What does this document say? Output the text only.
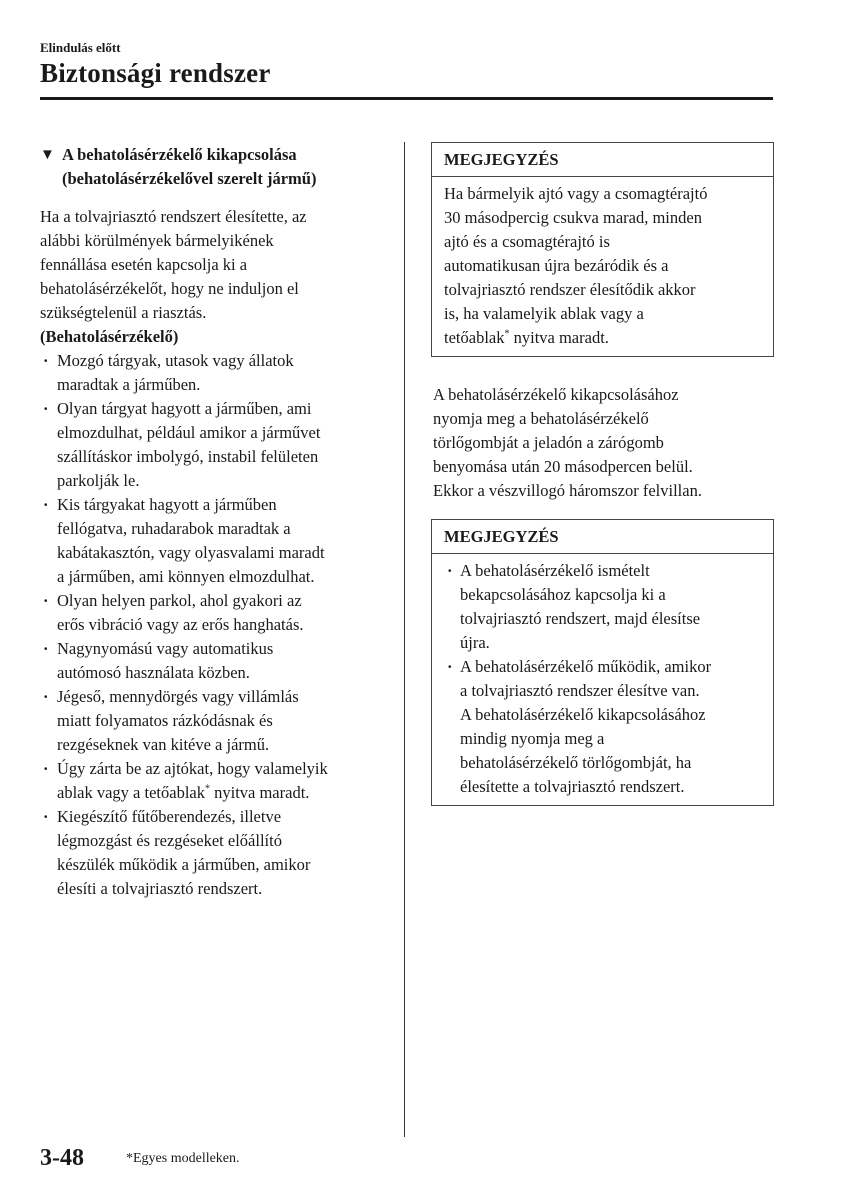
Elindulás előtt
Biztonsági rendszer
▼ A behatolásérzékelő kikapcsolása
(behatolásérzékelővel szerelt jármű)

Ha a tolvajriasztó rendszert élesítette, az
alábbi körülmények bármelyikének
fennállása esetén kapcsolja ki a
behatolásérzékelőt, hogy ne induljon el
szükségtelenül a riasztás.

(Behatolásérzékelő)

· Mozgó tárgyak, utasok vagy állatok
maradtak a járműben.
· Olyan tárgyat hagyott a járműben, ami
elmozdulhat, például amikor a járművet
szállításkor imbolygó, instabil felületen
parkolják le.
· Kis tárgyakat hagyott a járműben
fellógatva, ruhadarabok maradtak a
kabátakasztón, vagy olyasvalami maradt
a járműben, ami könnyen elmozdulhat.
· Olyan helyen parkol, ahol gyakori az
erős vibráció vagy az erős hanghatás.
· Nagynyomású vagy automatikus
autómosó használata közben.
· Jégeső, mennydörgés vagy villámlás
miatt folyamatos rázkódásnak és
rezgéseknek van kitéve a jármű.
· Úgy zárta be az ajtókat, hogy valamelyik
ablak vagy a tetőablak* nyitva maradt.
· Kiegészítő fűtőberendezés, illetve
légmozgást és rezgéseket előállító
készülék működik a járműben, amikor
élesíti a tolvajriasztó rendszert.
MEGJEGYZÉS
Ha bármelyik ajtó vagy a csomagtérajtó
30 másodpercig csukva marad, minden
ajtó és a csomagtérajtó is
automatikusan újra bezáródik és a
tolvajriasztó rendszer élesítődik akkor
is, ha valamelyik ablak vagy a
tetőablak* nyitva maradt.

A behatolásérzékelő kikapcsolásához
nyomja meg a behatolásérzékelő
törlőgombját a jeladón a zárógomb
benyomása után 20 másodpercen belül.
Ekkor a vészvillogó háromszor felvillan.

MEGJEGYZÉS
· A behatolásérzékelő ismételt
bekapcsolásához kapcsolja ki a
tolvajriasztó rendszert, majd élesítse
újra.
· A behatolásérzékelő működik, amikor
a tolvajriasztó rendszer élesítve van.
A behatolásérzékelő kikapcsolásához
mindig nyomja meg a
behatolásérzékelő törlőgombját, ha
élesítette a tolvajriasztó rendszert.
3-48	*Egyes modelleken.
